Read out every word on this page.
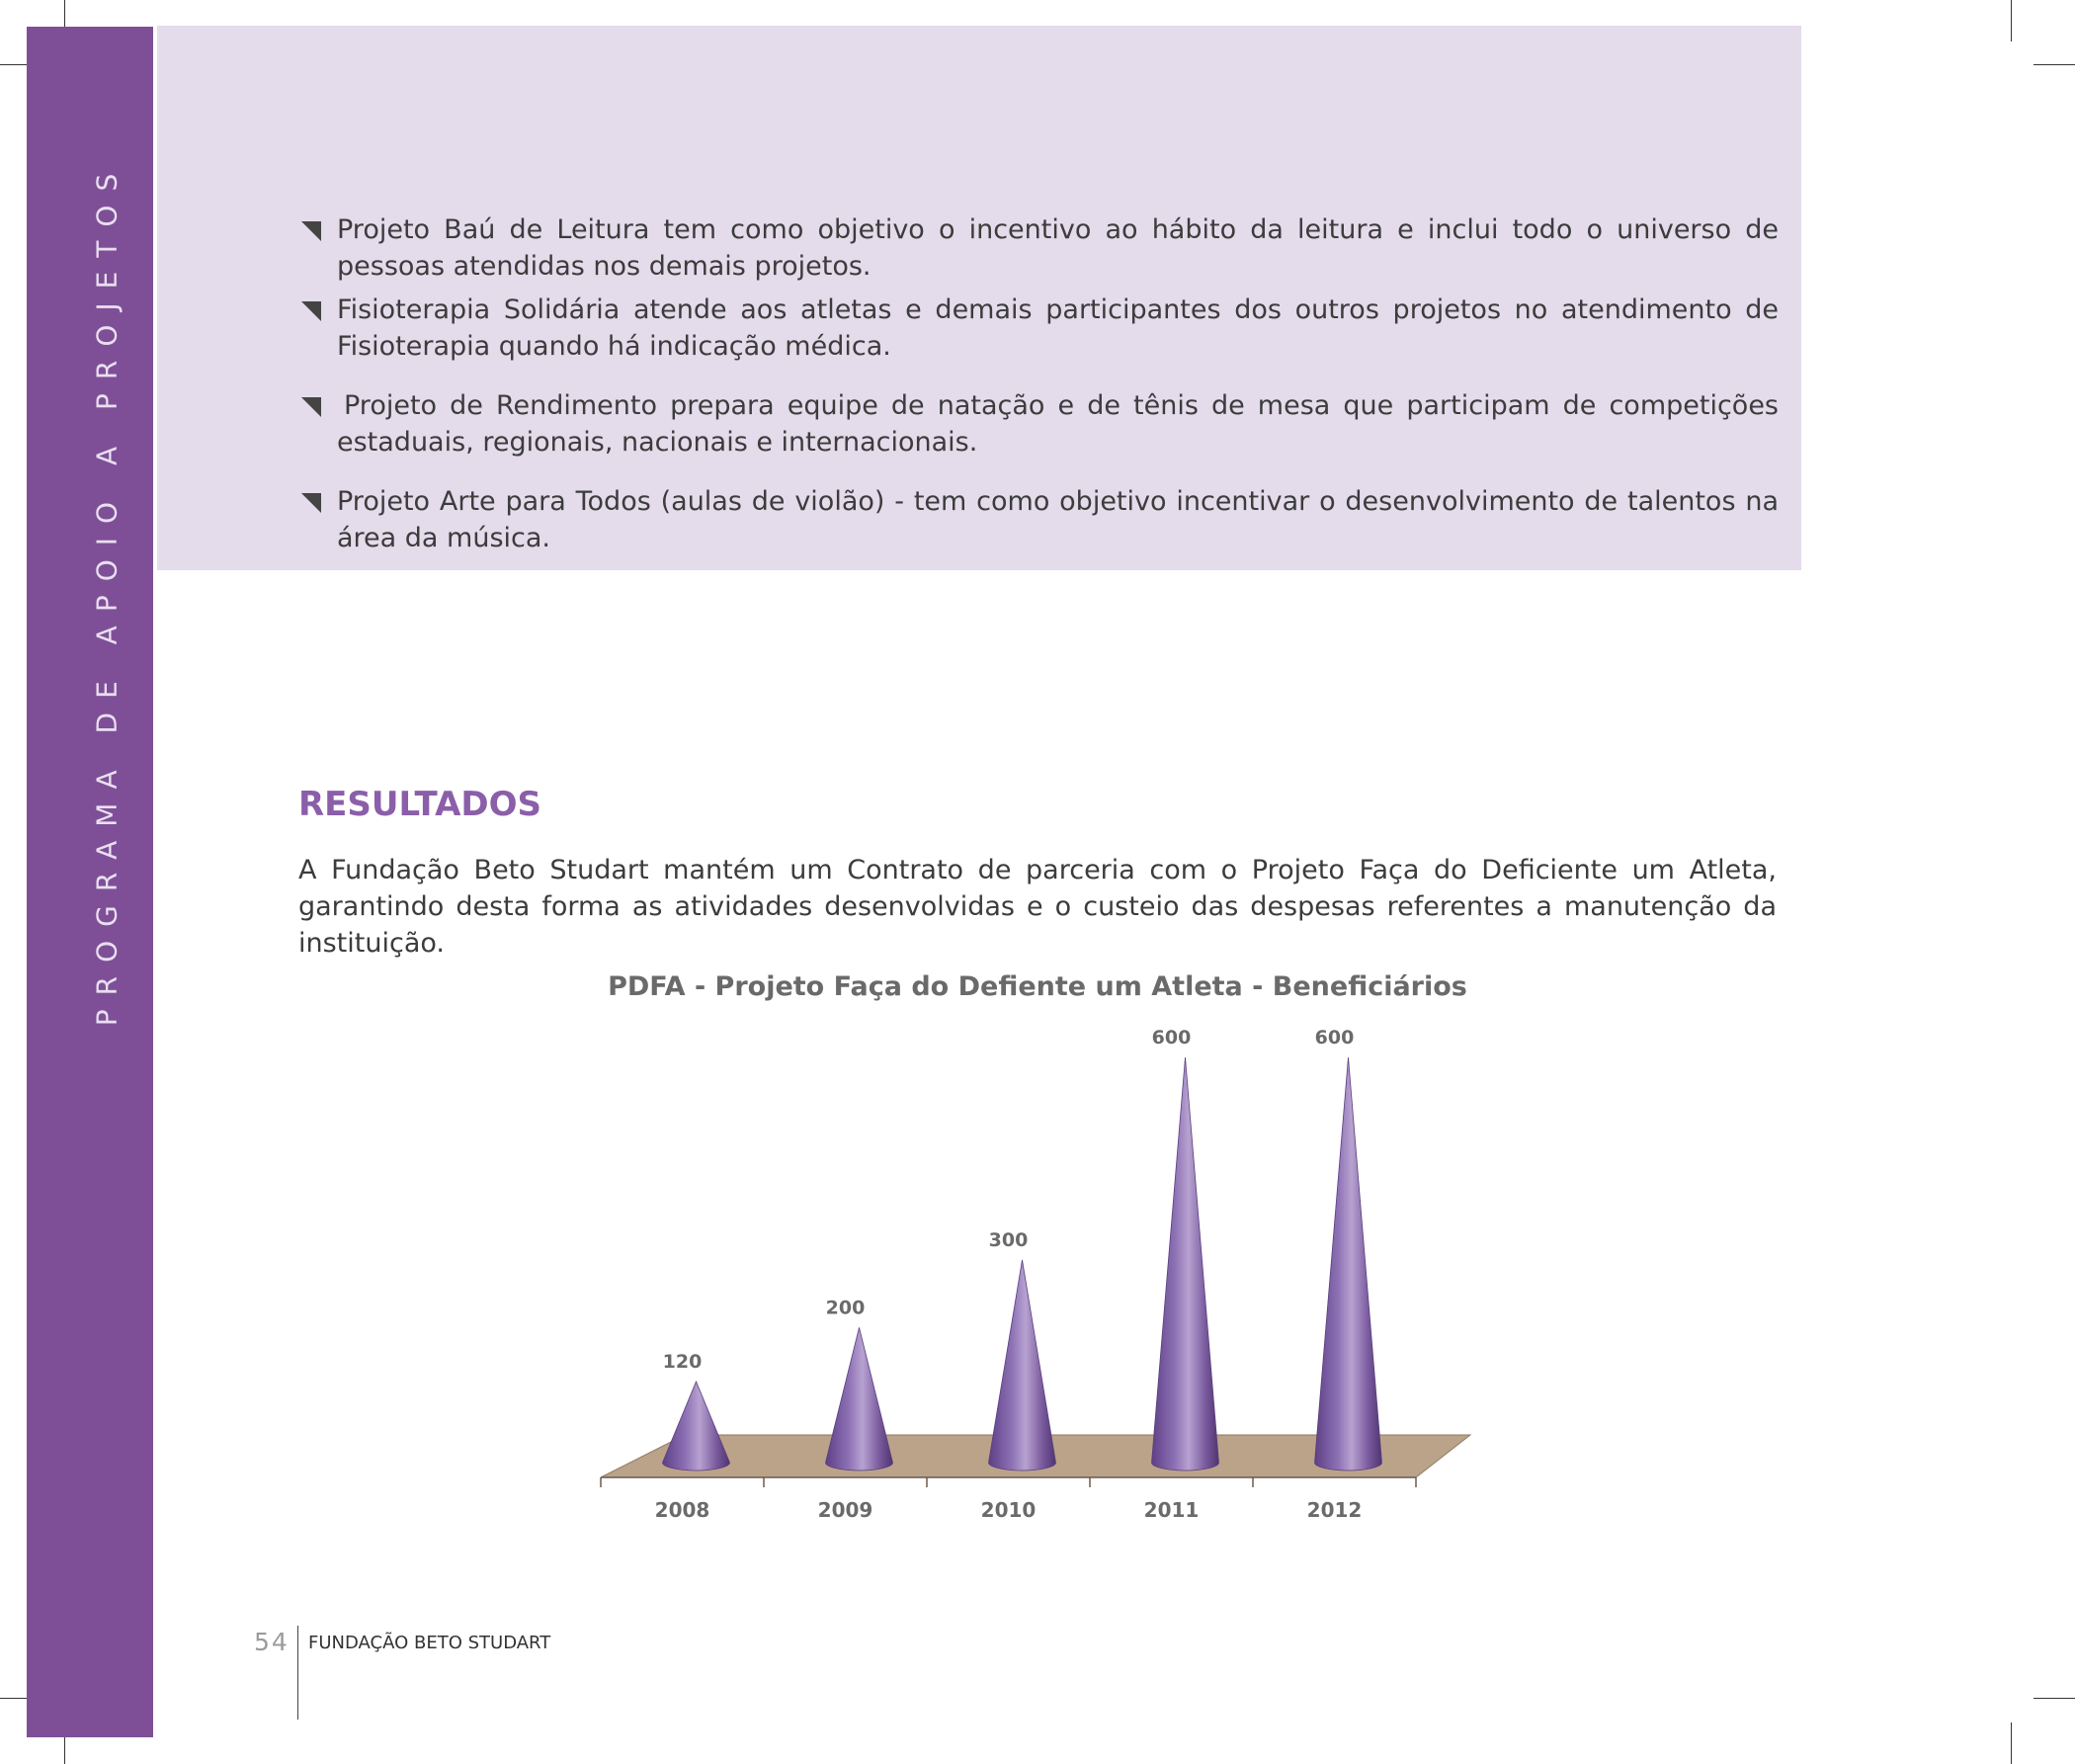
PROGRAMA DE APOIO A PROJETOS	Projeto Baú de Leitura tem como objetivo o incentivo ao hábito da leitura e inclui todo o universo de pessoas atendidas nos demais projetos.
Fisioterapia Solidária atende aos atletas e demais participantes dos outros projetos no atendimento de Fisioterapia quando há indicação médica.
Projeto de Rendimento prepara equipe de natação e de tênis de mesa que participam de competições estaduais, regionais, nacionais e internacionais.
Projeto Arte para Todos (aulas de violão) - tem como objetivo incentivar o desenvolvimento de talentos na área da música.
RESULTADOS

A Fundação Beto Studart mantém um Contrato de parceria com o Projeto Faça do Deficiente um Atleta, garantindo desta forma as atividades desenvolvidas e o custeio das despesas referentes a manutenção da instituição.

PDFA - Projeto Faça do Defiente um Atleta - Beneficiários
120
200
300
600	600
2008	2009	2010	2011	2012
54 FUNDAÇÃO BETO STUDART
